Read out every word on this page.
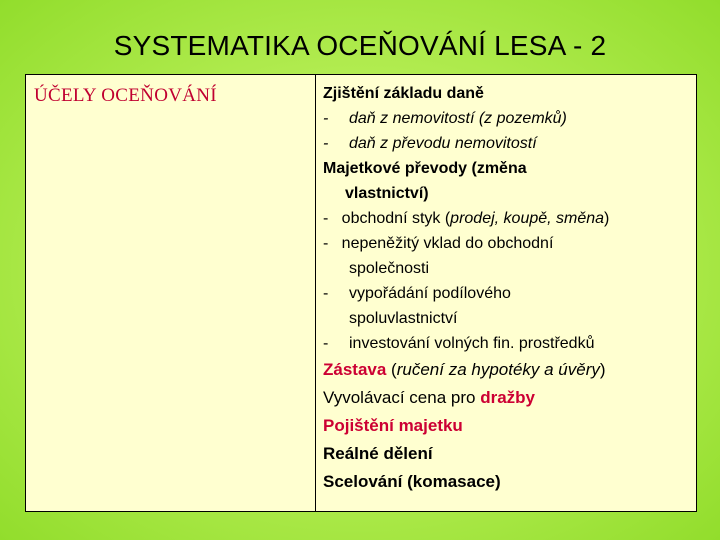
SYSTEMATIKA OCEŇOVÁNÍ LESA - 2
ÚČELY OCEŇOVÁNÍ	Zjištění základu daně
- daň z nemovitostí (z pozemků)
- daň z převodu nemovitostí
Majetkové převody (změna
vlastnictví)
- obchodní styk (prodej, koupě, směna)
- nepeněžitý vklad do obchodní
společnosti
- vypořádání podílového
spoluvlastnictví
- investování volných fin. prostředků
Zástava (ručení za hypotéky a úvěry)
Vyvolávací cena pro dražby
Pojištění majetku
Reálné dělení
Scelování (komasace)
